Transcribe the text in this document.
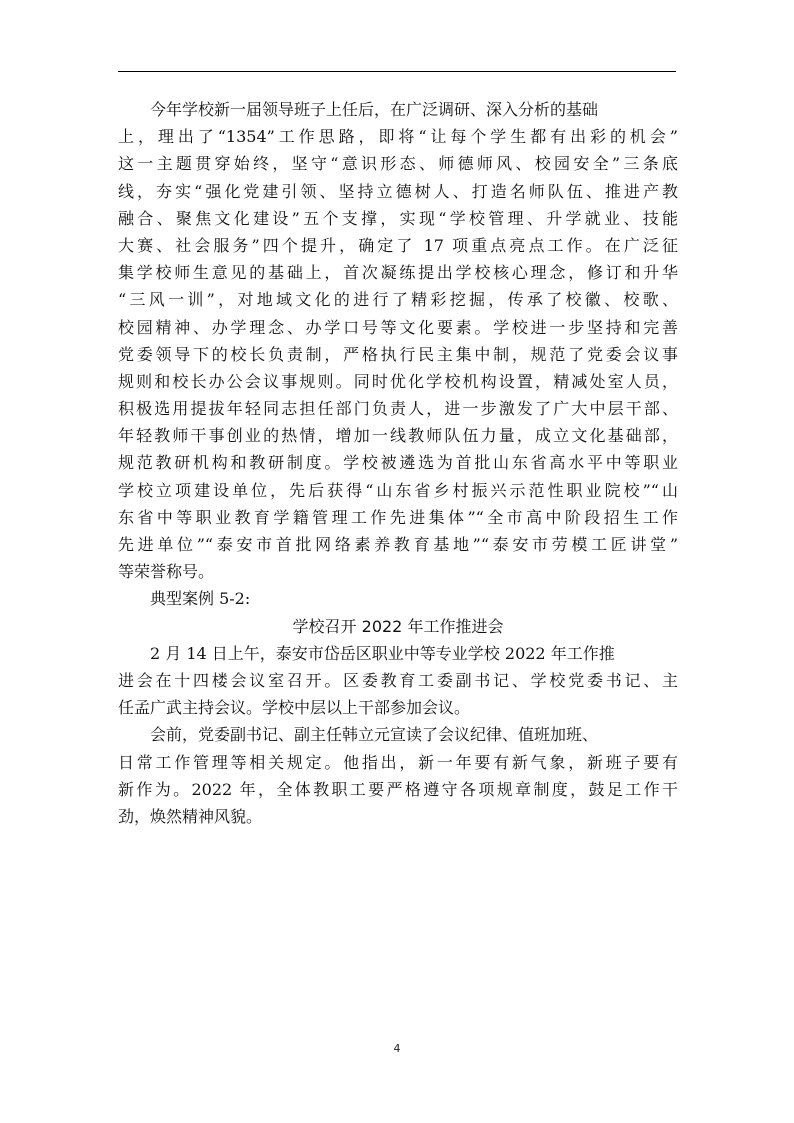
今年学校新一届领导班子上任后，在广泛调研、深入分析的基础
上，理出了“1354”工作思路，即将“让每个学生都有出彩的机会”
这一主题贯穿始终，坚守“意识形态、师德师风、校园安全”三条底
线，夯实“强化党建引领、坚持立德树人、打造名师队伍、推进产教
融合、聚焦文化建设”五个支撑，实现“学校管理、升学就业、技能
大赛、社会服务”四个提升，确定了 17 项重点亮点工作。在广泛征
集学校师生意见的基础上，首次凝练提出学校核心理念，修订和升华
“三风一训”，对地域文化的进行了精彩挖掘，传承了校徽、校歌、
校园精神、办学理念、办学口号等文化要素。学校进一步坚持和完善
党委领导下的校长负责制，严格执行民主集中制，规范了党委会议事
规则和校长办公会议事规则。同时优化学校机构设置，精减处室人员，
积极选用提拔年轻同志担任部门负责人，进一步激发了广大中层干部、
年轻教师干事创业的热情，增加一线教师队伍力量，成立文化基础部，
规范教研机构和教研制度。学校被遴选为首批山东省高水平中等职业
学校立项建设单位，先后获得“山东省乡村振兴示范性职业院校”“山
东省中等职业教育学籍管理工作先进集体”“全市高中阶段招生工作
先进单位”“泰安市首批网络素养教育基地”“泰安市劳模工匠讲堂”
等荣誉称号。
典型案例 5-2:
学校召开 2022 年工作推进会
2 月 14 日上午，泰安市岱岳区职业中等专业学校 2022 年工作推
进会在十四楼会议室召开。区委教育工委副书记、学校党委书记、主
任孟广武主持会议。学校中层以上干部参加会议。
会前，党委副书记、副主任韩立元宣读了会议纪律、值班加班、
日常工作管理等相关规定。他指出，新一年要有新气象，新班子要有
新作为。2022 年，全体教职工要严格遵守各项规章制度，鼓足工作干
劲，焕然精神风貌。
4
